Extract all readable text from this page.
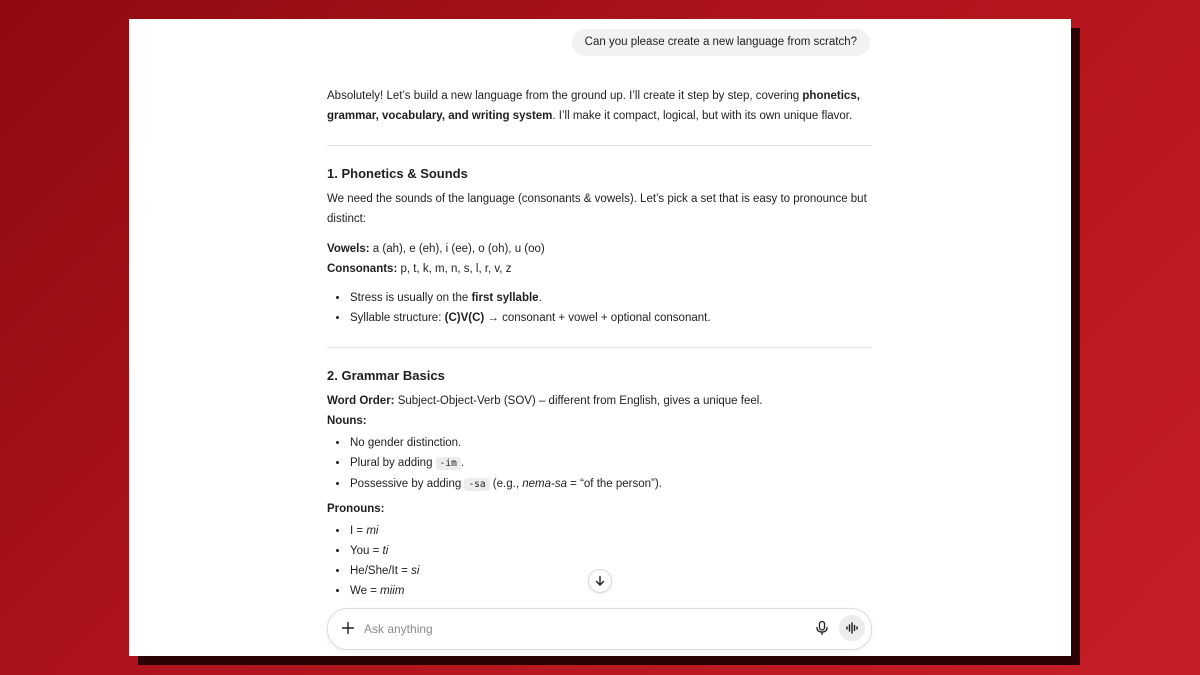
Can you please create a new language from scratch?

Absolutely! Let’s build a new language from the ground up. I’ll create it step by step, covering phonetics, grammar, vocabulary, and writing system. I’ll make it compact, logical, but with its own unique flavor.

1. Phonetics & Sounds

We need the sounds of the language (consonants & vowels). Let’s pick a set that is easy to pronounce but distinct:

Vowels: a (ah), e (eh), i (ee), o (oh), u (oo)

Consonants: p, t, k, m, n, s, l, r, v, z

• Stress is usually on the first syllable.
• Syllable structure: (C)V(C) → consonant + vowel + optional consonant.
2. Grammar Basics

Word Order: Subject-Object-Verb (SOV) – different from English, gives a unique feel.

Nouns:

• No gender distinction.
• Plural by adding -im .
• Possessive by adding -sa (e.g., nema-sa = “of the person”).

Pronouns:

• I = mi
• You = ti
• He/She/It = si
• We = miim
Ask anything
